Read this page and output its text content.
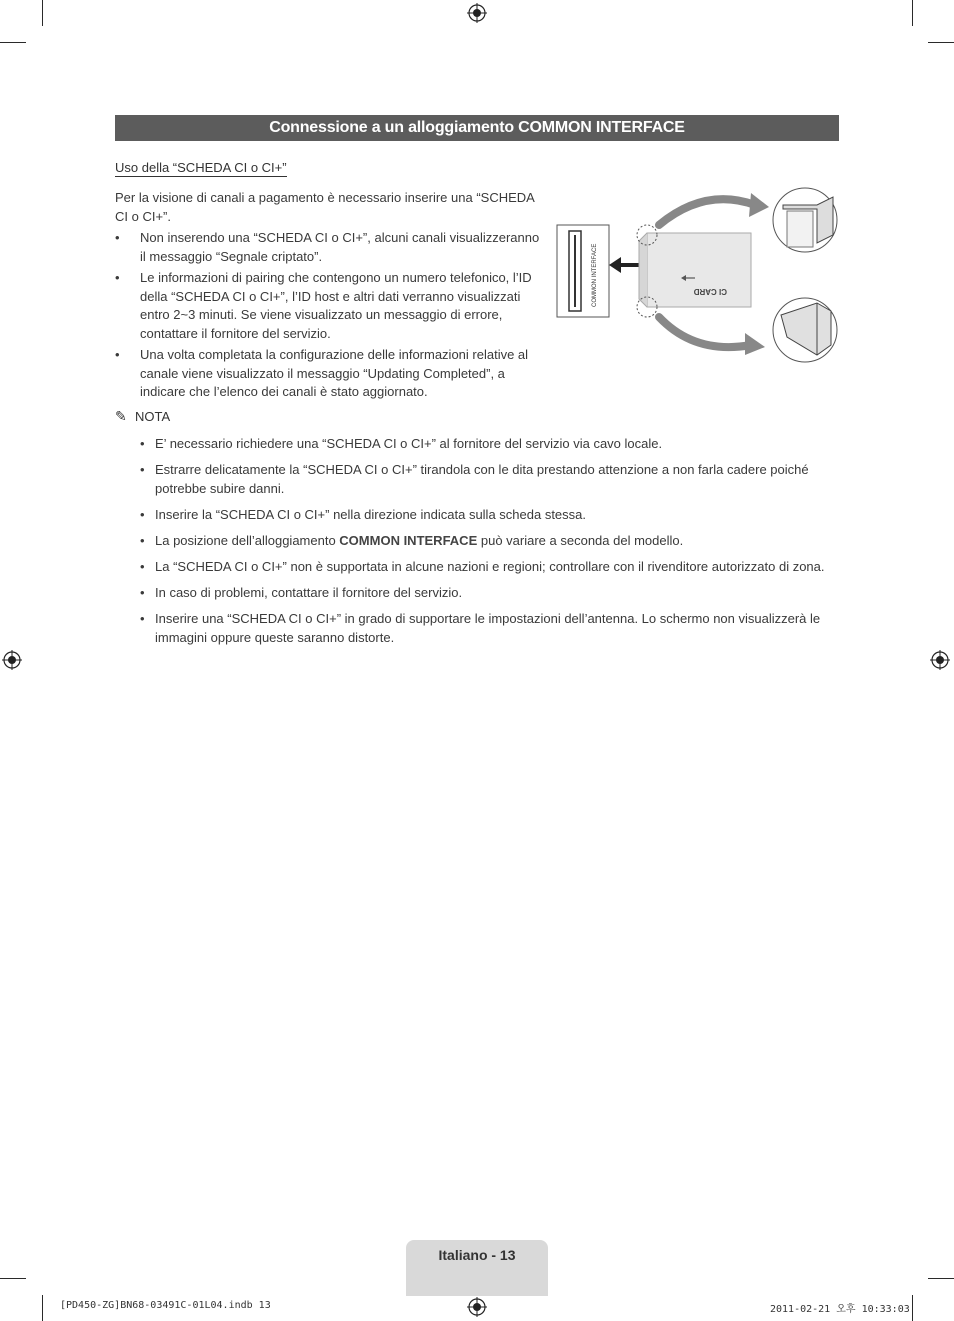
Connessione a un alloggiamento COMMON INTERFACE
Uso della “SCHEDA CI o CI+”
Per la visione di canali a pagamento è necessario inserire una “SCHEDA CI o CI+”.
• Non inserendo una “SCHEDA CI o CI+”, alcuni canali visualizzeranno il messaggio “Segnale criptato”.
• Le informazioni di pairing che contengono un numero telefonico, l’ID della “SCHEDA CI o CI+”, l’ID host e altri dati verranno visualizzati entro 2~3 minuti. Se viene visualizzato un messaggio di errore, contattare il fornitore del servizio.
• Una volta completata la configurazione delle informazioni relative al canale viene visualizzato il messaggio “Updating Completed”, a indicare che l’elenco dei canali è stato aggiornato.
COMMON INTERFACE	CI CARD
✎ NOTA
• E’ necessario richiedere una “SCHEDA CI o CI+” al fornitore del servizio via cavo locale.
• Estrarre delicatamente la “SCHEDA CI o CI+” tirandola con le dita prestando attenzione a non farla cadere poiché potrebbe subire danni.
• Inserire la “SCHEDA CI o CI+” nella direzione indicata sulla scheda stessa.
• La posizione dell’alloggiamento COMMON INTERFACE può variare a seconda del modello.
• La “SCHEDA CI o CI+” non è supportata in alcune nazioni e regioni; controllare con il rivenditore autorizzato di zona.
• In caso di problemi, contattare il fornitore del servizio.
• Inserire una “SCHEDA CI o CI+” in grado di supportare le impostazioni dell’antenna. Lo schermo non visualizzerà le immagini oppure queste saranno distorte.
Italiano - 13
[PD450-ZG]BN68-03491C-01L04.indb 13	2011-02-21 오후 10:33:03
